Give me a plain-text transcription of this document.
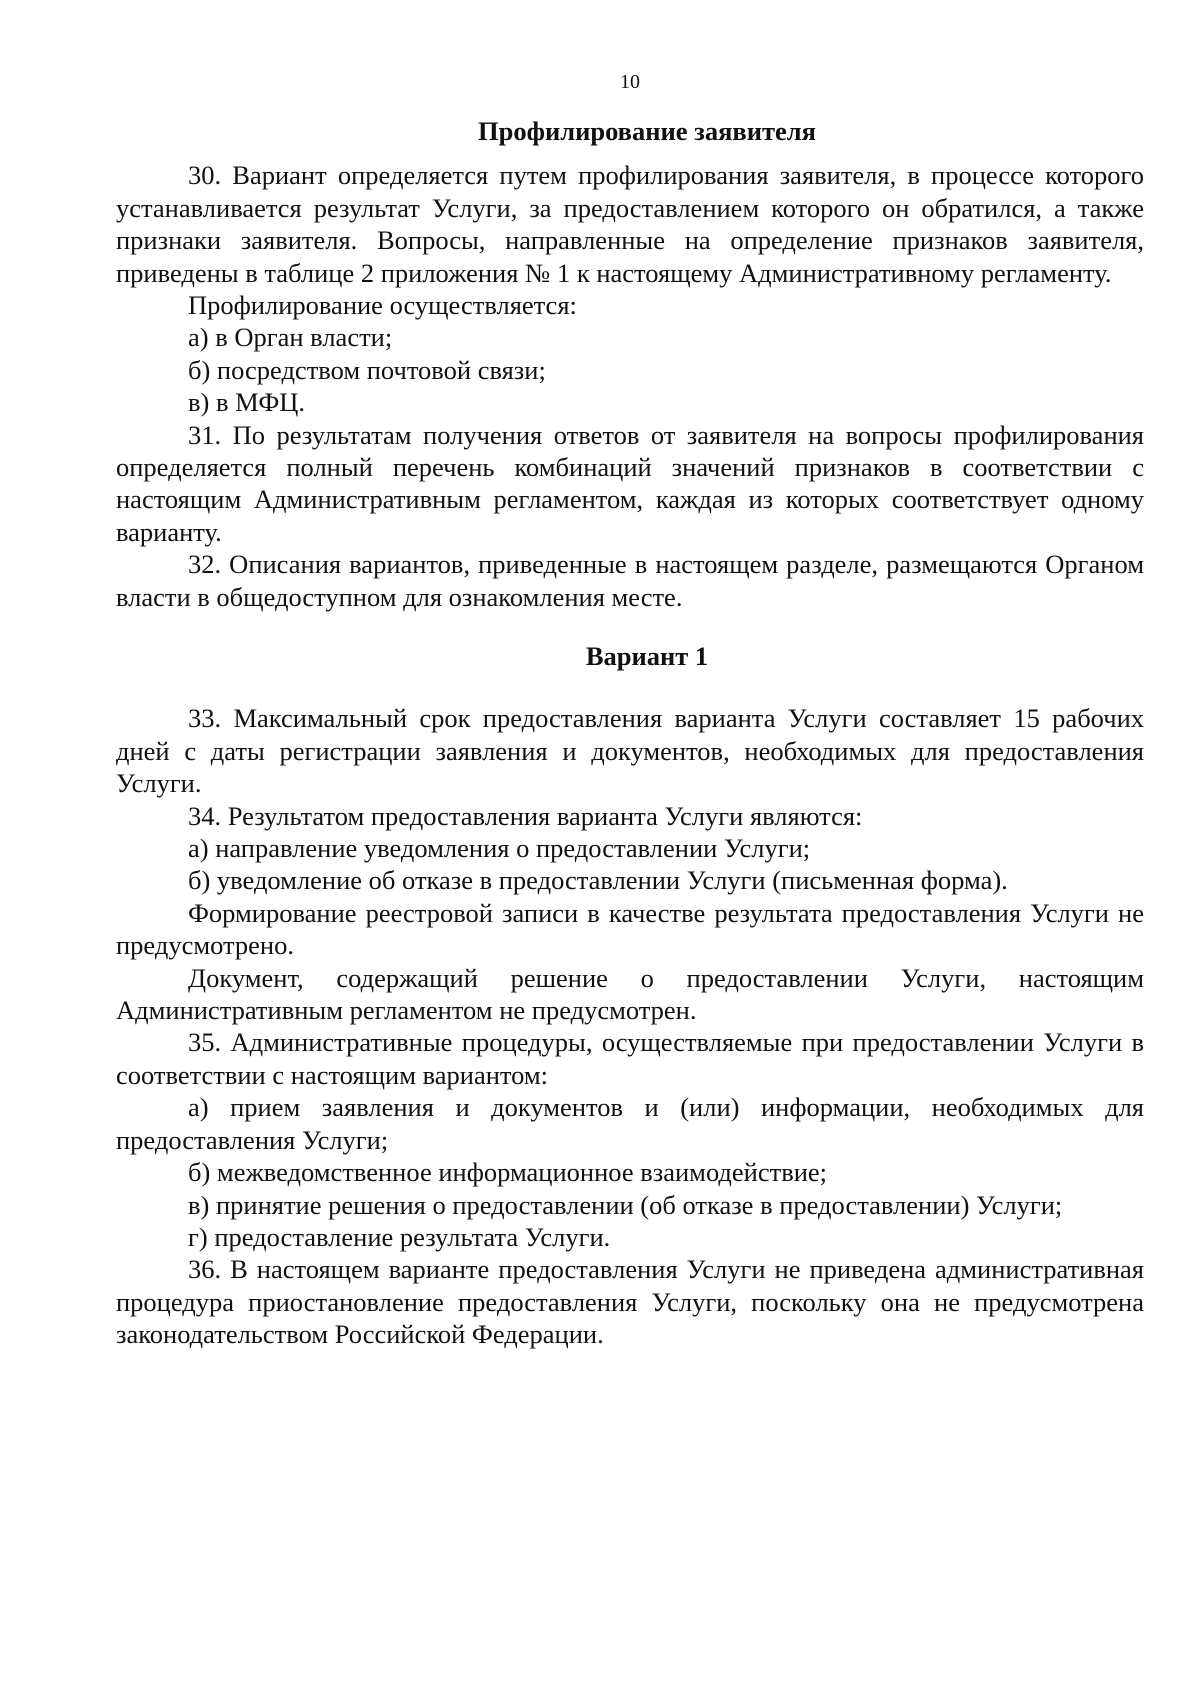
10
Профилирование заявителя

30. Вариант определяется путем профилирования заявителя, в процессе которого устанавливается результат Услуги, за предоставлением которого он обратился, а также признаки заявителя. Вопросы, направленные на определение признаков заявителя, приведены в таблице 2 приложения № 1 к настоящему Административному регламенту.

Профилирование осуществляется:

а) в Орган власти;

б) посредством почтовой связи;

в) в МФЦ.

31. По результатам получения ответов от заявителя на вопросы профилирования определяется полный перечень комбинаций значений признаков в соответствии с настоящим Административным регламентом, каждая из которых соответствует одному варианту.

32. Описания вариантов, приведенные в настоящем разделе, размещаются Органом власти в общедоступном для ознакомления месте.

Вариант 1

33. Максимальный срок предоставления варианта Услуги составляет 15 рабочих дней с даты регистрации заявления и документов, необходимых для предоставления Услуги.

34. Результатом предоставления варианта Услуги являются:

а) направление уведомления о предоставлении Услуги;

б) уведомление об отказе в предоставлении Услуги (письменная форма).

Формирование реестровой записи в качестве результата предоставления Услуги не предусмотрено.

Документ, содержащий решение о предоставлении Услуги, настоящим Административным регламентом не предусмотрен.

35. Административные процедуры, осуществляемые при предоставлении Услуги в соответствии с настоящим вариантом:

а) прием заявления и документов и (или) информации, необходимых для предоставления Услуги;

б) межведомственное информационное взаимодействие;

в) принятие решения о предоставлении (об отказе в предоставлении) Услуги;

г) предоставление результата Услуги.

36. В настоящем варианте предоставления Услуги не приведена административная процедура приостановление предоставления Услуги, поскольку она не предусмотрена законодательством Российской Федерации.
